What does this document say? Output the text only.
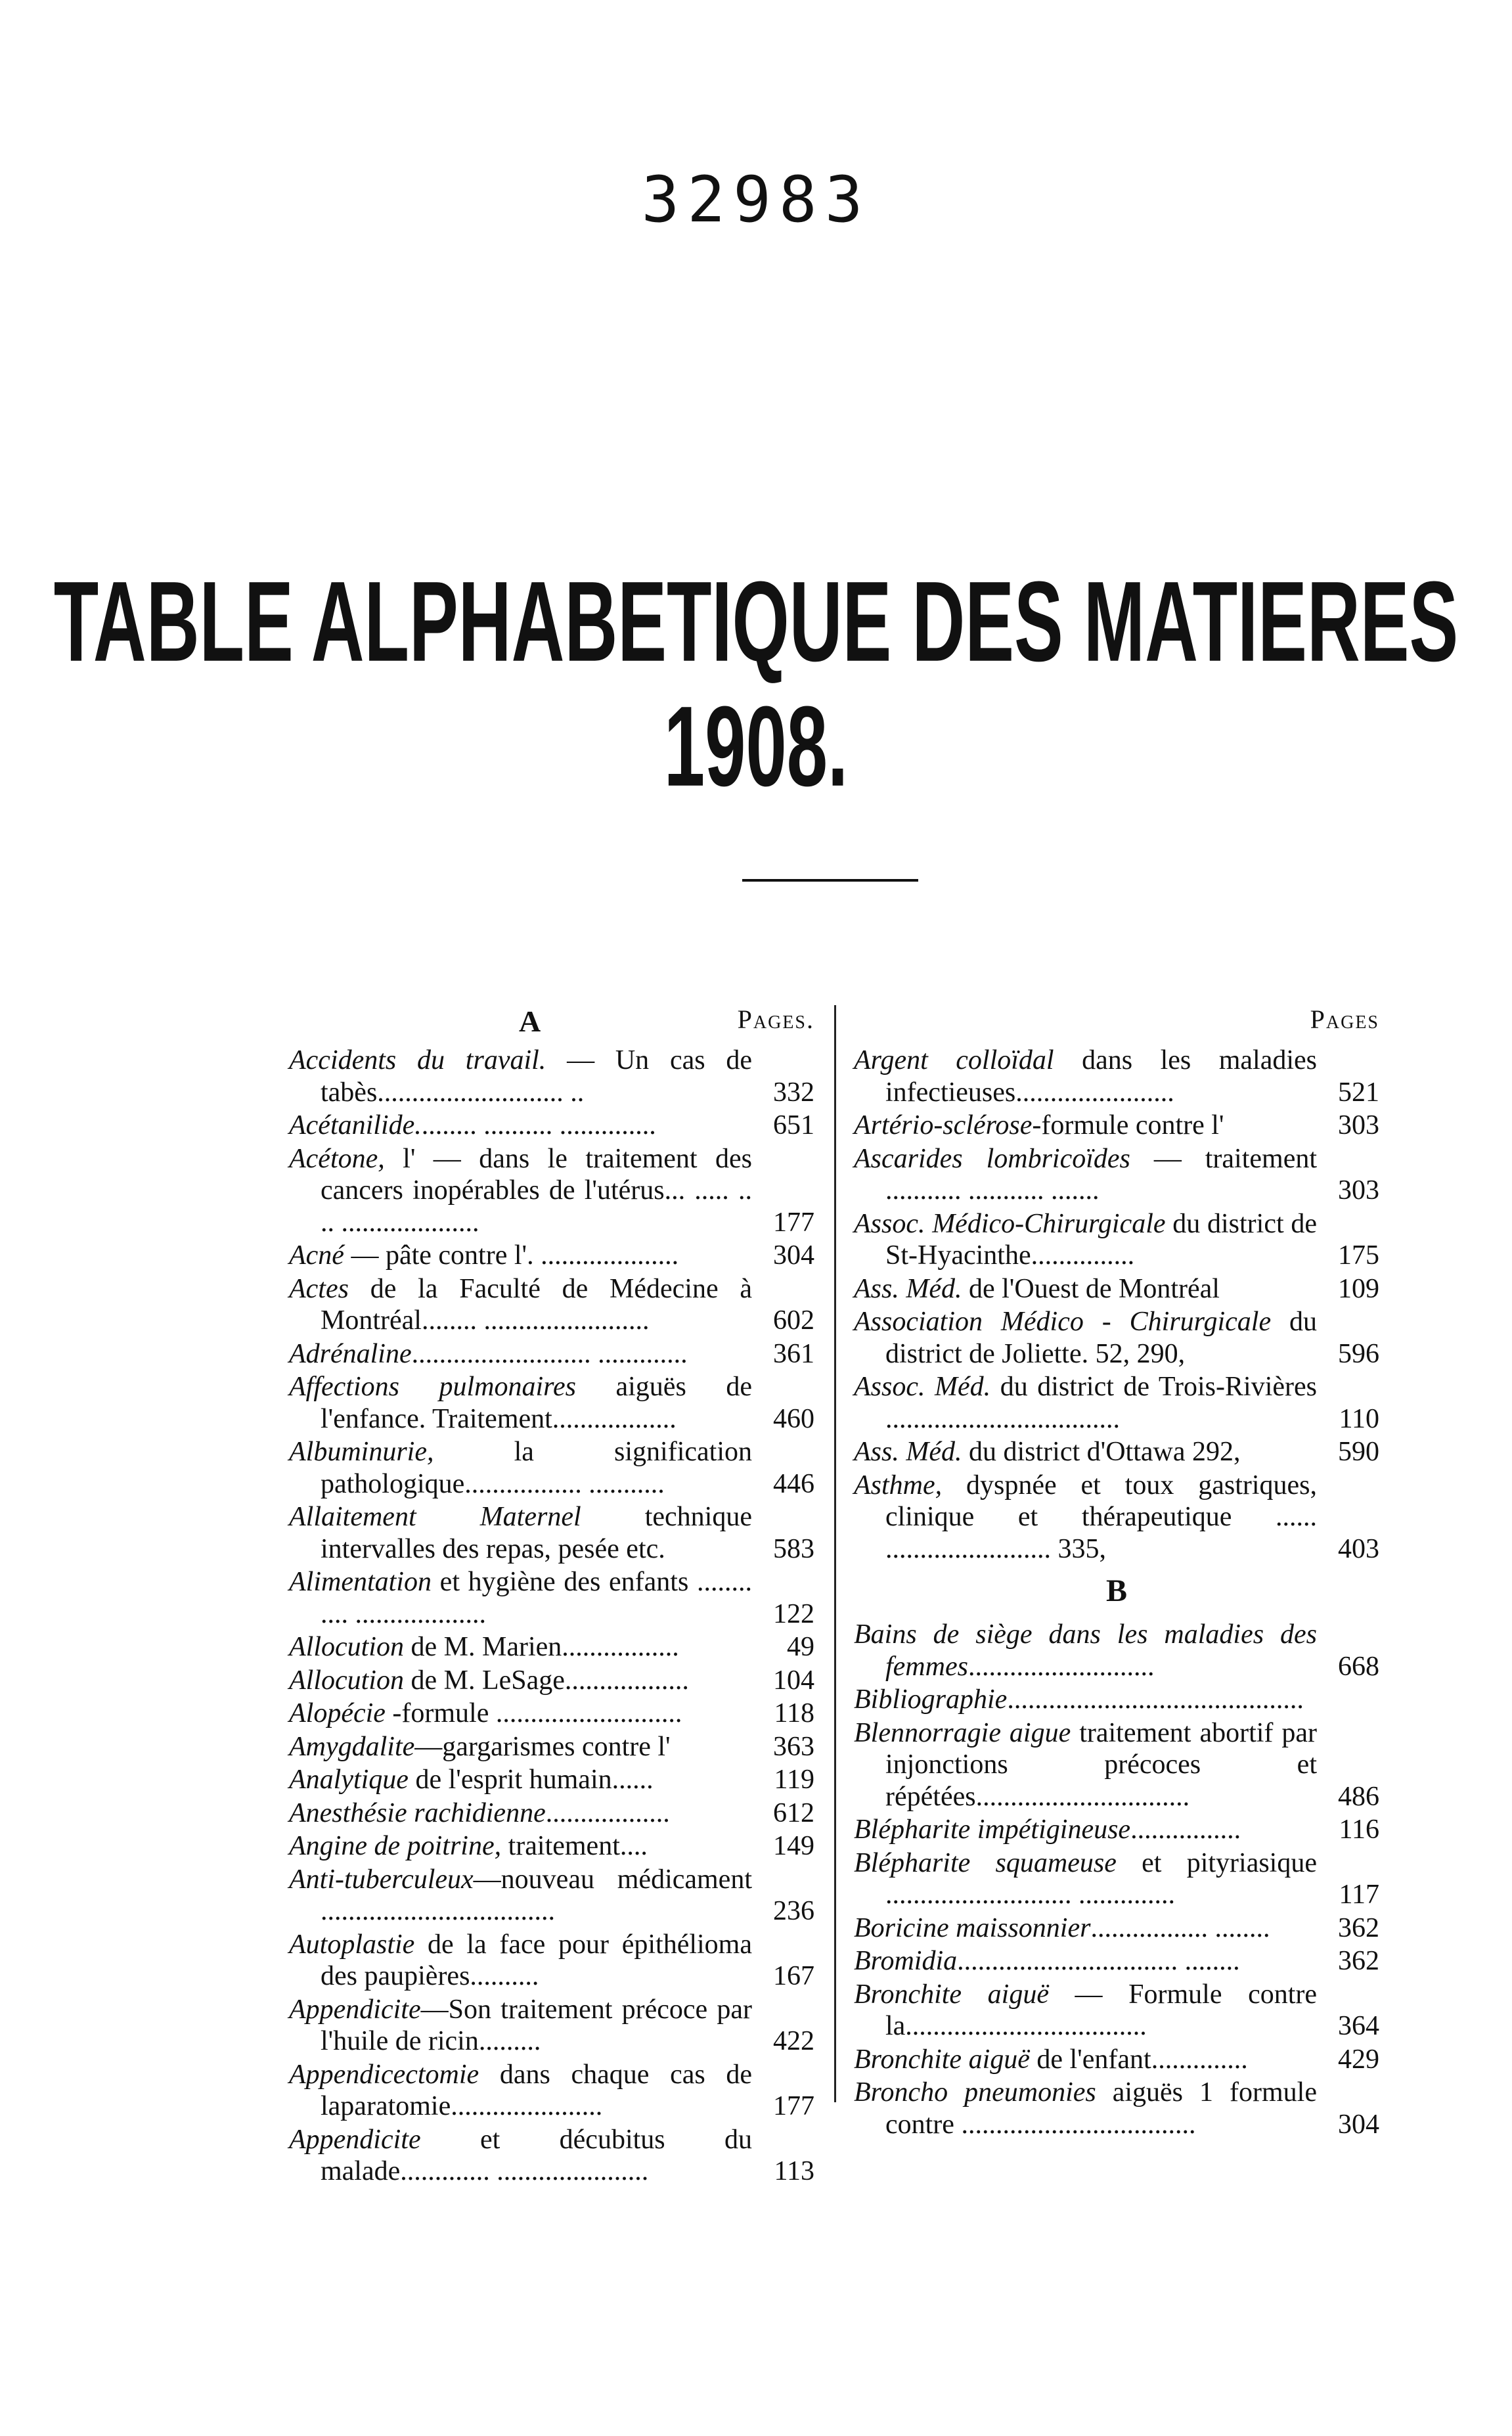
32983
TABLE ALPHABETIQUE DES MATIERES
1908.
A	Pages.
Accidents du travail. — Un cas de tabès........................... ..	332
Acétanilide......... .......... ..............	651
Acétone, l' — dans le traitement des cancers inopérables de l'utérus... ..... .. .. ....................	177
Acné — pâte contre l'. ....................	304
Actes de la Faculté de Médecine à Montréal........ ........................	602
Adrénaline.......................... .............	361
Affections pulmonaires aiguës de l'enfance. Traitement..................	460
Albuminurie, la signification pathologique................. ...........	446
Allaitement Maternel technique intervalles des repas, pesée etc.	583
Alimentation et hygiène des enfants ........ .... ...................	122
Allocution de M. Marien.................	49
Allocution de M. LeSage..................	104
Alopécie -formule ...........................	118
Amygdalite—gargarismes contre l'	363
Analytique de l'esprit humain......	119
Anesthésie rachidienne..................	612
Angine de poitrine, traitement....	149
Anti-tuberculeux—nouveau médicament ..................................	236
Autoplastie de la face pour épithélioma des paupières..........	167
Appendicite—Son traitement précoce par l'huile de ricin.........	422
Appendicectomie dans chaque cas de laparatomie......................	177
Appendicite et décubitus du malade............. ......................	113
Pages
Argent colloïdal dans les maladies infectieuses.......................	521
Artério-sclérose-formule contre l'	303
Ascarides lombricoïdes — traitement ........... ........... .......	303
Assoc. Médico-Chirurgicale du district de St-Hyacinthe...............	175
Ass. Méd. de l'Ouest de Montréal	109
Association Médico - Chirurgicale du district de Joliette. 52, 290,	596
Assoc. Méd. du district de Trois-Rivières ..................................	110
Ass. Méd. du district d'Ottawa 292,	590
Asthme, dyspnée et toux gastriques, clinique et thérapeutique ...... ........................ 335,	403
B
Bains de siège dans les maladies des femmes...........................	668
Bibliographie...........................................
Blennorragie aigue traitement abortif par injonctions précoces et répétées...............................	486
Blépharite impétigineuse................	116
Blépharite squameuse et pityriasique ........................... ..............	117
Boricine maissonnier................. ........	362
Bromidia................................ ........	362
Bronchite aiguë — Formule contre la...................................	364
Bronchite aiguë de l'enfant..............	429
Broncho pneumonies aiguës 1 formule contre ..................................	304
